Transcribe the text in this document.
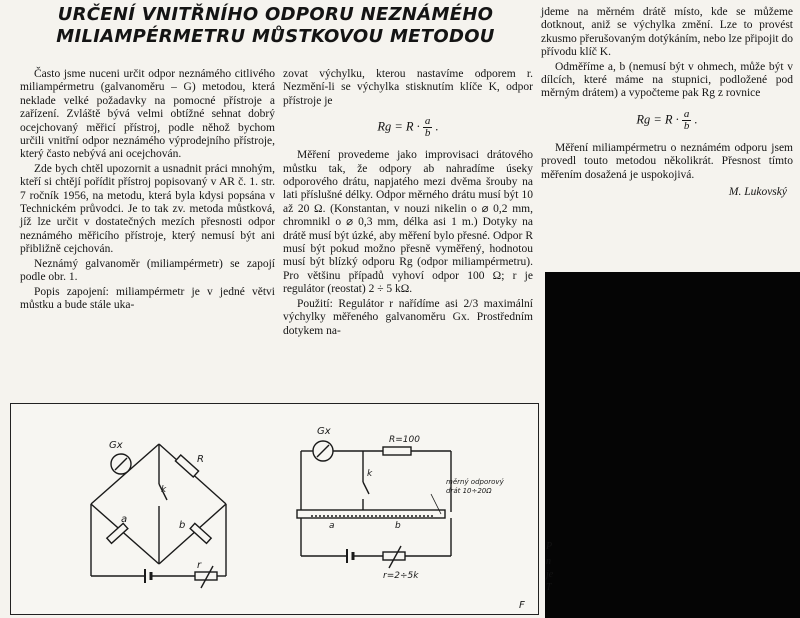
URČENÍ VNITŘNÍHO ODPORU NEZNÁMÉHO
MILIAMPÉRMETRU MŮSTKOVOU METODOU

Často jsme nuceni určit odpor neznámého citlivého miliampérmetru (galvanoměru – G) metodou, která neklade velké požadavky na pomocné přístroje a zařízení. Zvláště bývá velmi obtížné sehnat dobrý ocejchovaný měřicí přístroj, podle něhož bychom určili vnitřní odpor neznámého výprodejního přístroje, který často nebývá ani ocejchován.

Zde bych chtěl upozornit a usnadnit práci mnohým, kteří si chtějí pořídit přístroj popisovaný v AR č. 1. str. 7 ročník 1956, na metodu, která byla kdysi popsána v Technickém průvodci. Je to tak zv. metoda můstková, jíž lze určit v dostatečných mezích přesnosti odpor neznámého měřicího přístroje, který nemusí být ani přibližně cejchován.

Neznámý galvanoměr (miliampérmetr) se zapojí podle obr. 1.

Popis zapojení: miliampérmetr je v jedné větvi můstku a bude stále uka-

zovat výchylku, kterou nastavíme odporem r. Nezmění-li se výchylka stisknutím klíče K, odpor přístroje je

$Rg = R \cdot \frac{a}{b}$ .

Měření provedeme jako improvisaci drátového můstku tak, že odpory ab nahradíme úseky odporového drátu, napjatého mezi dvěma šrouby na lati příslušné délky. Odpor měrného drátu musí být 10 až 20 Ω. (Konstantan, v nouzi nikelin o ⌀ 0,2 mm, chromnikl o ⌀ 0,3 mm, délka asi 1 m.) Dotyky na drátě musí být úzké, aby měření bylo přesné. Odpor R musí být pokud možno přesně vyměřený, hodnotou musí být blízký odporu Rg (odpor miliampérmetru). Pro většinu případů vyhoví odpor 100 Ω; r je regulátor (reostat) 2 ÷ 5 kΩ.

Použití: Regulátor r nařídíme asi 2/3 maximální výchylky měřeného galvanoměru Gx. Prostředním dotykem na-

jdeme na měrném drátě místo, kde se můžeme dotknout, aniž se výchylka změní. Lze to provést zkusmo přerušovaným dotýkáním, nebo lze připojit do přívodu klíč K.

Odměříme a, b (nemusí být v ohmech, může být v dílcích, které máme na stupnici, podložené pod měrným drátem) a vypočteme pak Rg z rovnice

$Rg = R \cdot \frac{a}{b}$ .

Měření miliampérmetru o neznámém odporu jsem provedl touto metodou několikrát. Přesnost tímto měřením dosažená je uspokojivá.

M. Lukovský
P
n
je
T
Gx
R
k
a
b
r
Gx
R=100
k
měrný odporový drát 10÷20Ω
a	b
r=2÷5k
F
